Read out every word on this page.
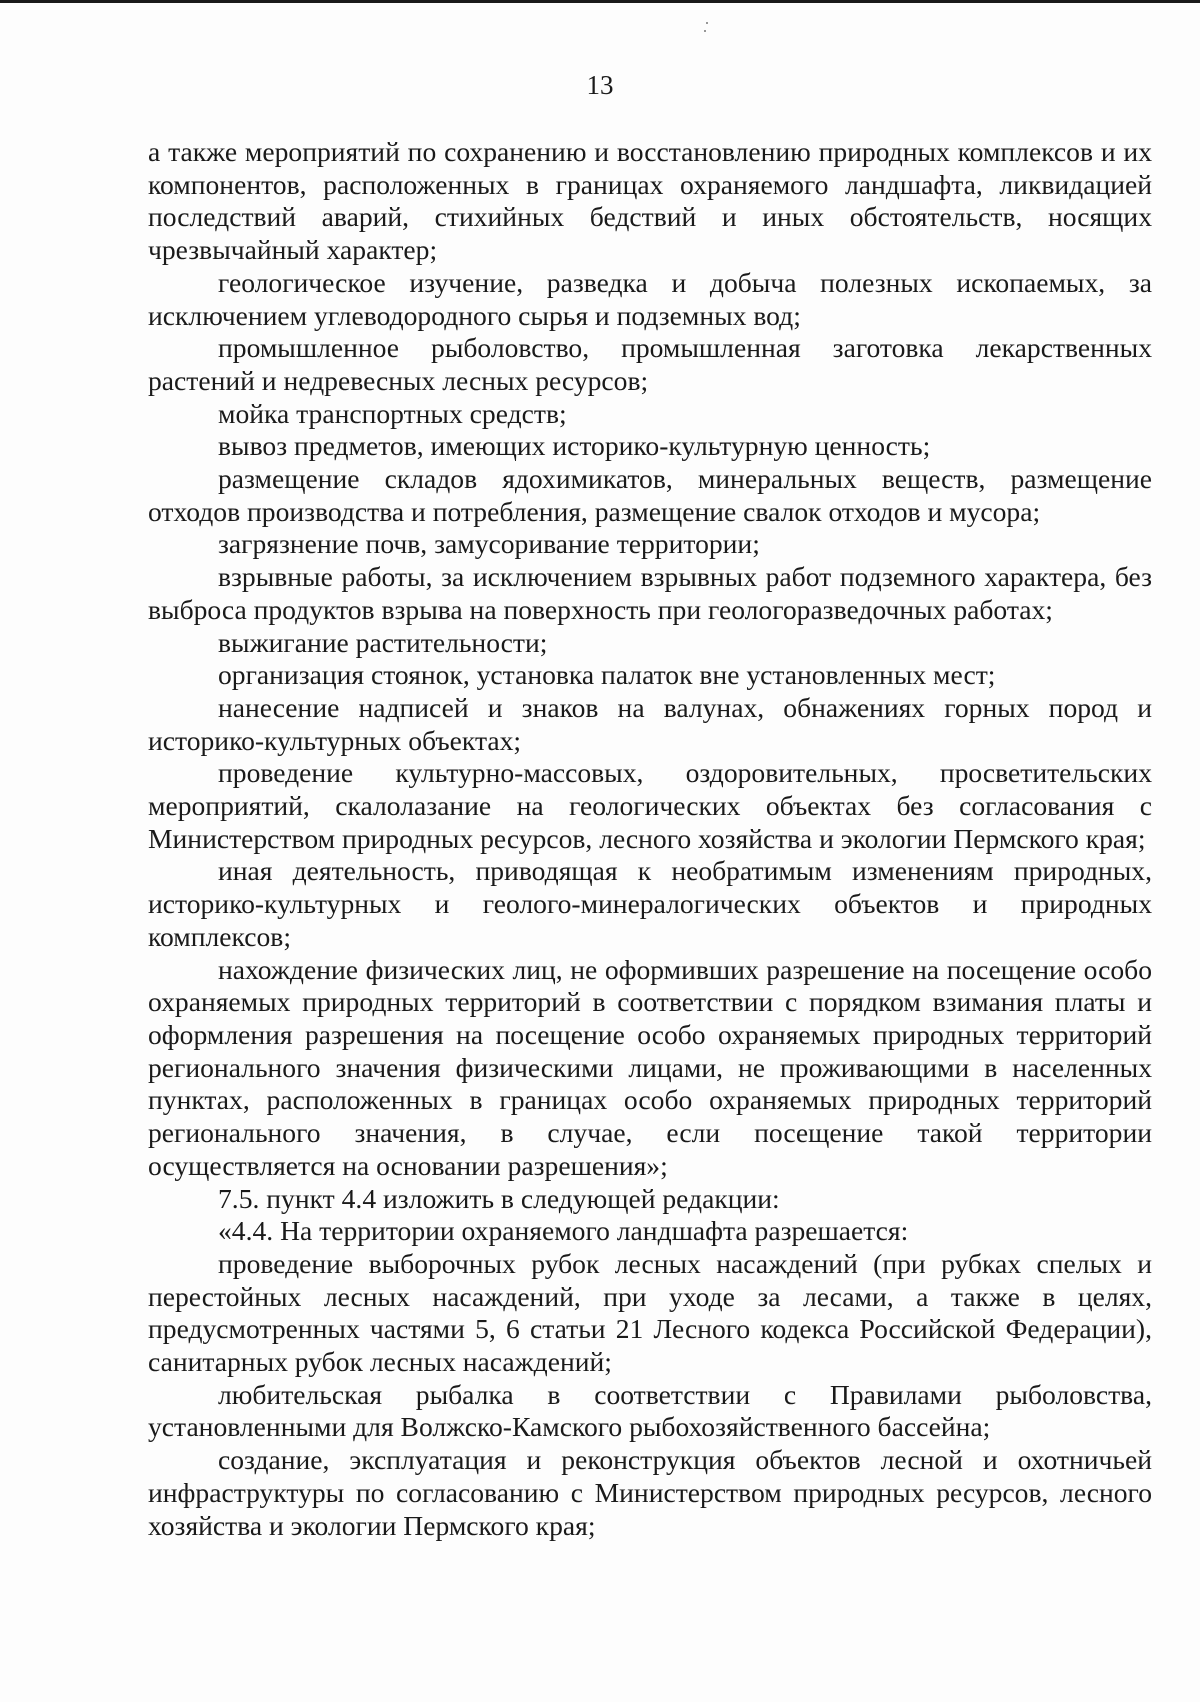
13

а также мероприятий по сохранению и восстановлению природных комплексов и их компонентов, расположенных в границах охраняемого ландшафта, ликвидацией последствий аварий, стихийных бедствий и иных обстоятельств, носящих чрезвычайный характер;

геологическое изучение, разведка и добыча полезных ископаемых, за исключением углеводородного сырья и подземных вод;

промышленное рыболовство, промышленная заготовка лекарственных растений и недревесных лесных ресурсов;

мойка транспортных средств;

вывоз предметов, имеющих историко-культурную ценность;

размещение складов ядохимикатов, минеральных веществ, размещение отходов производства и потребления, размещение свалок отходов и мусора;

загрязнение почв, замусоривание территории;

взрывные работы, за исключением взрывных работ подземного характера, без выброса продуктов взрыва на поверхность при геологоразведочных работах;

выжигание растительности;

организация стоянок, установка палаток вне установленных мест;

нанесение надписей и знаков на валунах, обнажениях горных пород и историко-культурных объектах;

проведение культурно-массовых, оздоровительных, просветительских мероприятий, скалолазание на геологических объектах без согласования с Министерством природных ресурсов, лесного хозяйства и экологии Пермского края;

иная деятельность, приводящая к необратимым изменениям природных, историко-культурных и геолого-минералогических объектов и природных комплексов;

нахождение физических лиц, не оформивших разрешение на посещение особо охраняемых природных территорий в соответствии с порядком взимания платы и оформления разрешения на посещение особо охраняемых природных территорий регионального значения физическими лицами, не проживающими в населенных пунктах, расположенных в границах особо охраняемых природных территорий регионального значения, в случае, если посещение такой территории осуществляется на основании разрешения»;

7.5. пункт 4.4 изложить в следующей редакции:

«4.4. На территории охраняемого ландшафта разрешается:

проведение выборочных рубок лесных насаждений (при рубках спелых и перестойных лесных насаждений, при уходе за лесами, а также в целях, предусмотренных частями 5, 6 статьи 21 Лесного кодекса Российской Федерации), санитарных рубок лесных насаждений;

любительская рыбалка в соответствии с Правилами рыболовства, установленными для Волжско-Камского рыбохозяйственного бассейна;

создание, эксплуатация и реконструкция объектов лесной и охотничьей инфраструктуры по согласованию с Министерством природных ресурсов, лесного хозяйства и экологии Пермского края;
